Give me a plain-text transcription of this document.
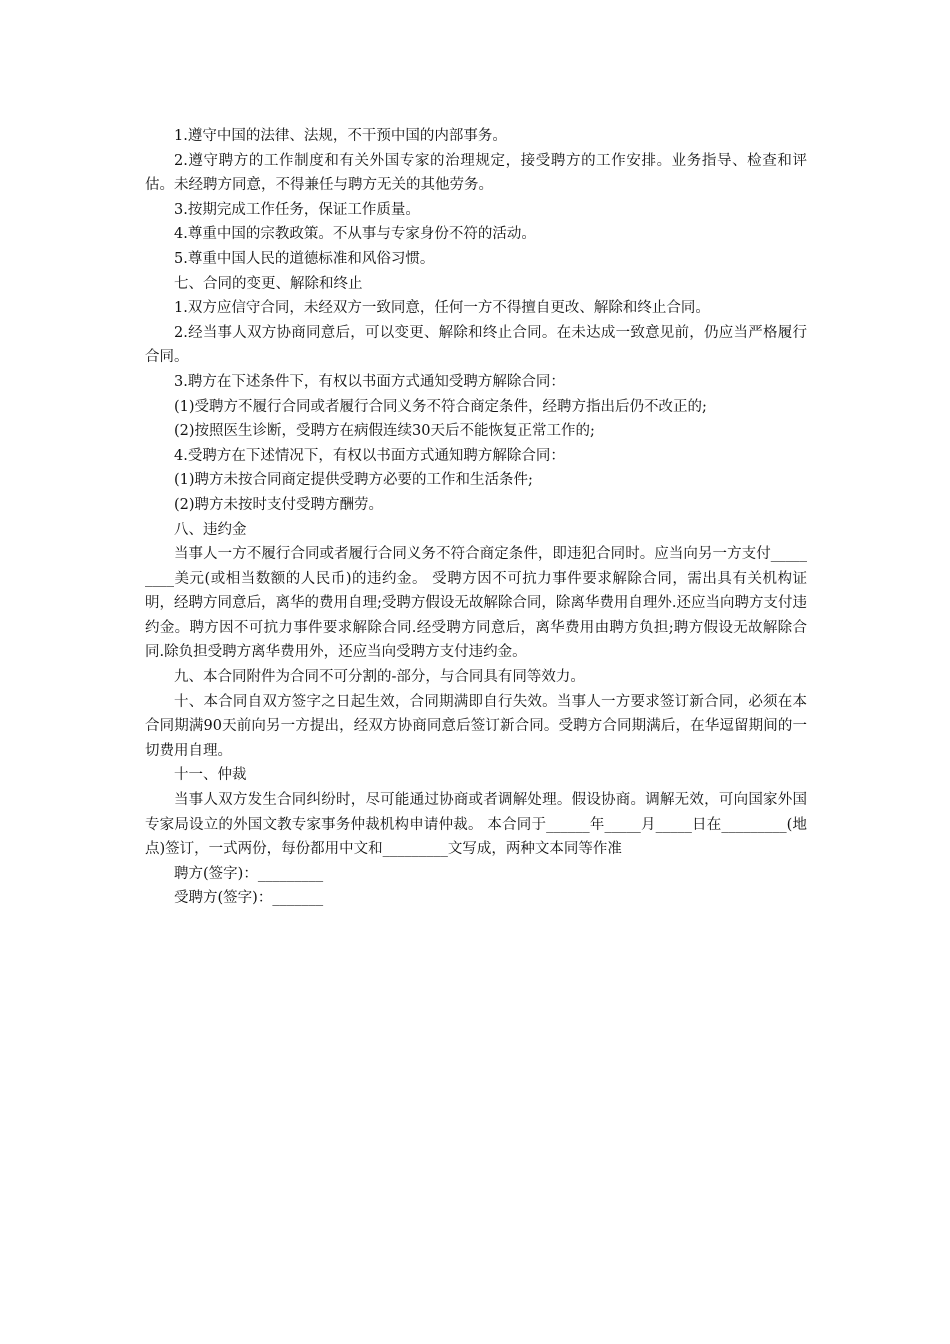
1.遵守中国的法律、法规，不干预中国的内部事务。

2.遵守聘方的工作制度和有关外国专家的治理规定，接受聘方的工作安排。业务指导、检查和评估。未经聘方同意，不得兼任与聘方无关的其他劳务。

3.按期完成工作任务，保证工作质量。

4.尊重中国的宗教政策。不从事与专家身份不符的活动。

5.尊重中国人民的道德标准和风俗习惯。

七、合同的变更、解除和终止

1.双方应信守合同，未经双方一致同意，任何一方不得擅自更改、解除和终止合同。

2.经当事人双方协商同意后，可以变更、解除和终止合同。在未达成一致意见前，仍应当严格履行合同。

3.聘方在下述条件下，有权以书面方式通知受聘方解除合同：

(1)受聘方不履行合同或者履行合同义务不符合商定条件，经聘方指出后仍不改正的;

(2)按照医生诊断，受聘方在病假连续30天后不能恢复正常工作的;

4.受聘方在下述情况下，有权以书面方式通知聘方解除合同：

(1)聘方未按合同商定提供受聘方必要的工作和生活条件;

(2)聘方未按时支付受聘方酬劳。

八、违约金

当事人一方不履行合同或者履行合同义务不符合商定条件，即违犯合同时。应当向另一方支付_________美元(或相当数额的人民币)的违约金。 受聘方因不可抗力事件要求解除合同，需出具有关机构证明，经聘方同意后，离华的费用自理;受聘方假设无故解除合同，除离华费用自理外.还应当向聘方支付违约金。聘方因不可抗力事件要求解除合同.经受聘方同意后，离华费用由聘方负担;聘方假设无故解除合同.除负担受聘方离华费用外，还应当向受聘方支付违约金。

九、本合同附件为合同不可分割的-部分，与合同具有同等效力。

十、本合同自双方签字之日起生效，合同期满即自行失效。当事人一方要求签订新合同，必须在本合同期满90天前向另一方提出，经双方协商同意后签订新合同。受聘方合同期满后，在华逗留期间的一切费用自理。

十一、仲裁

当事人双方发生合同纠纷时，尽可能通过协商或者调解处理。假设协商。调解无效，可向国家外国专家局设立的外国文教专家事务仲裁机构申请仲裁。 本合同于______年_____月_____日在_________(地点)签订，一式两份，每份都用中文和_________文写成，两种文本同等作准

聘方(签字)：_________

受聘方(签字)：_______
